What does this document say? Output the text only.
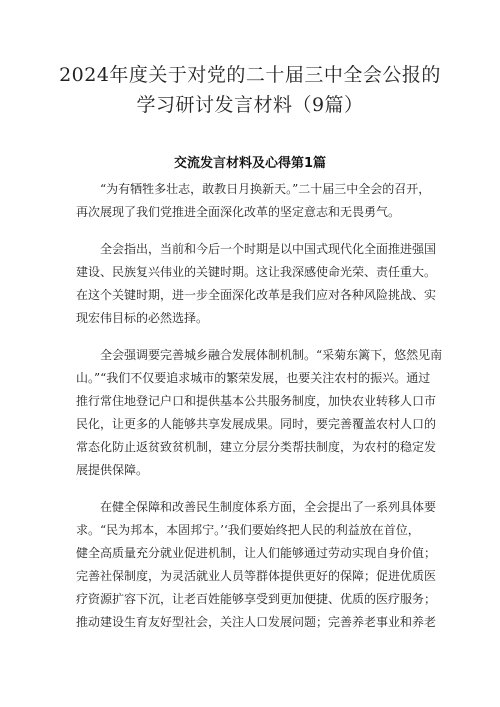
2024年度关于对党的二十届三中全会公报的
学习研讨发言材料（9篇）
交流发言材料及心得第1篇

“为有牺牲多壮志，敢教日月换新天。”二十届三中全会的召开，
再次展现了我们党推进全面深化改革的坚定意志和无畏勇气。

全会指出，当前和今后一个时期是以中国式现代化全面推进强国
建设、民族复兴伟业的关键时期。这让我深感使命光荣、责任重大。
在这个关键时期，进一步全面深化改革是我们应对各种风险挑战、实
现宏伟目标的必然选择。

全会强调要完善城乡融合发展体制机制。“采菊东篱下，悠然见南
山。”“我们不仅要追求城市的繁荣发展，也要关注农村的振兴。通过
推行常住地登记户口和提供基本公共服务制度，加快农业转移人口市
民化，让更多的人能够共享发展成果。同时，要完善覆盖农村人口的
常态化防止返贫致贫机制，建立分层分类帮扶制度，为农村的稳定发
展提供保障。

在健全保障和改善民生制度体系方面，全会提出了一系列具体要
求。“民为邦本，本固邦宁。’‘我们要始终把人民的利益放在首位，
健全高质量充分就业促进机制，让人们能够通过劳动实现自身价值；
完善社保制度，为灵活就业人员等群体提供更好的保障；促进优质医
疗资源扩容下沉，让老百姓能够享受到更加便捷、优质的医疗服务；
推动建设生育友好型社会，关注人口发展问题；完善养老事业和养老
